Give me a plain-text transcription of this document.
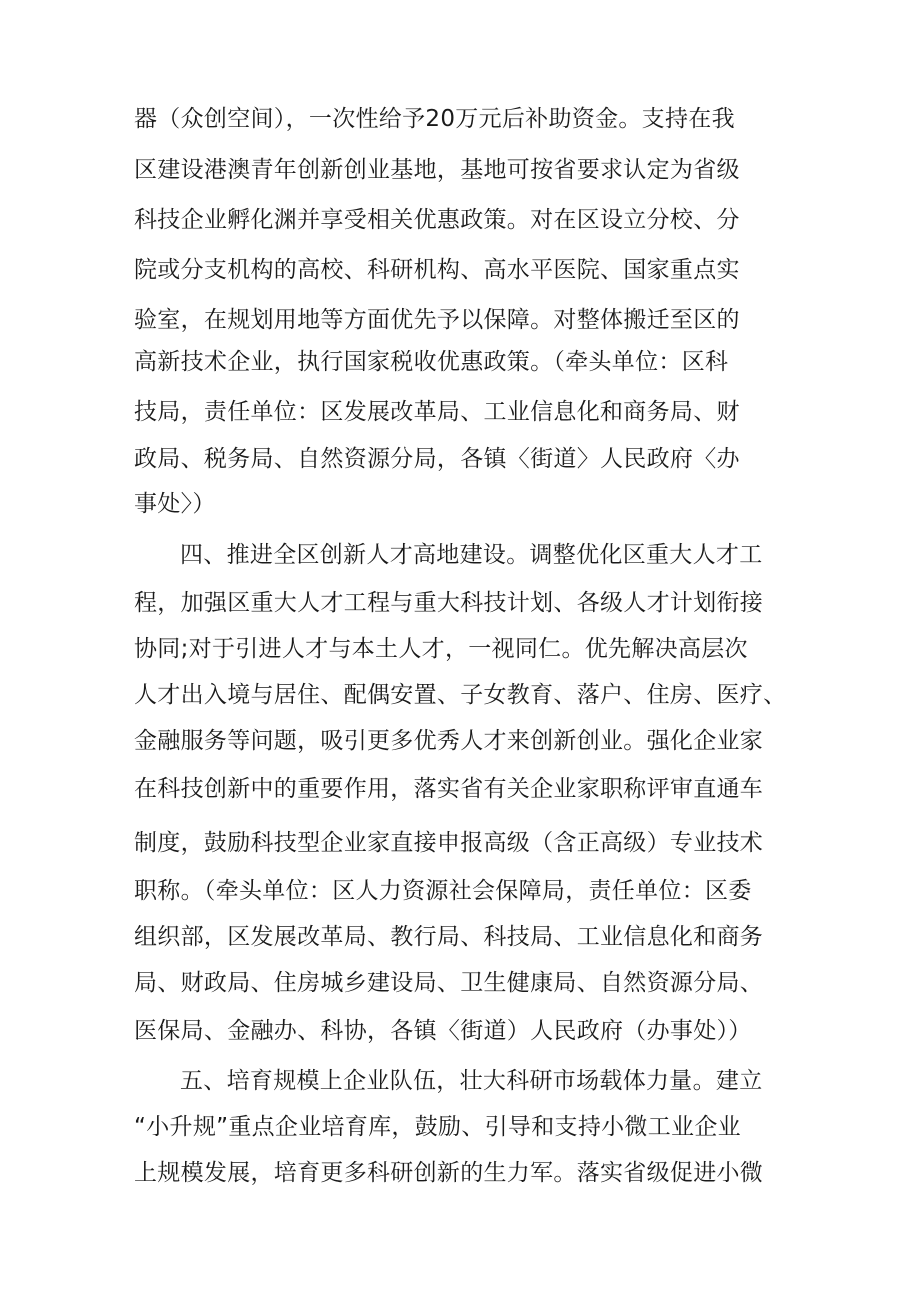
器（众创空间），一次性给予20万元后补助资金。支持在我
区建设港澳青年创新创业基地，基地可按省要求认定为省级
科技企业孵化渊并享受相关优惠政策。对在区设立分校、分
院或分支机构的高校、科研机构、高水平医院、国家重点实
验室，在规划用地等方面优先予以保障。对整体搬迁至区的
高新技术企业，执行国家税收优惠政策。（牵头单位：区科
技局，责任单位：区发展改革局、工业信息化和商务局、财
政局、税务局、自然资源分局，各镇〈街道〉人民政府〈办
事处〉）
四、推进全区创新人才高地建设。调整优化区重大人才工
程，加强区重大人才工程与重大科技计划、各级人才计划衔接
协同;对于引进人才与本土人才，一视同仁。优先解决高层次
人才出入境与居住、配偶安置、子女教育、落户、住房、医疗、
金融服务等问题，吸引更多优秀人才来创新创业。强化企业家
在科技创新中的重要作用，落实省有关企业家职称评审直通车
制度，鼓励科技型企业家直接申报高级（含正高级）专业技术
职称。（牵头单位：区人力资源社会保障局，责任单位：区委
组织部，区发展改革局、教行局、科技局、工业信息化和商务
局、财政局、住房城乡建设局、卫生健康局、自然资源分局、
医保局、金融办、科协，各镇〈街道）人民政府（办事处））
五、培育规模上企业队伍，壮大科研市场载体力量。建立
“小升规”重点企业培育库，鼓励、引导和支持小微工业企业
上规模发展，培育更多科研创新的生力军。落实省级促进小微
